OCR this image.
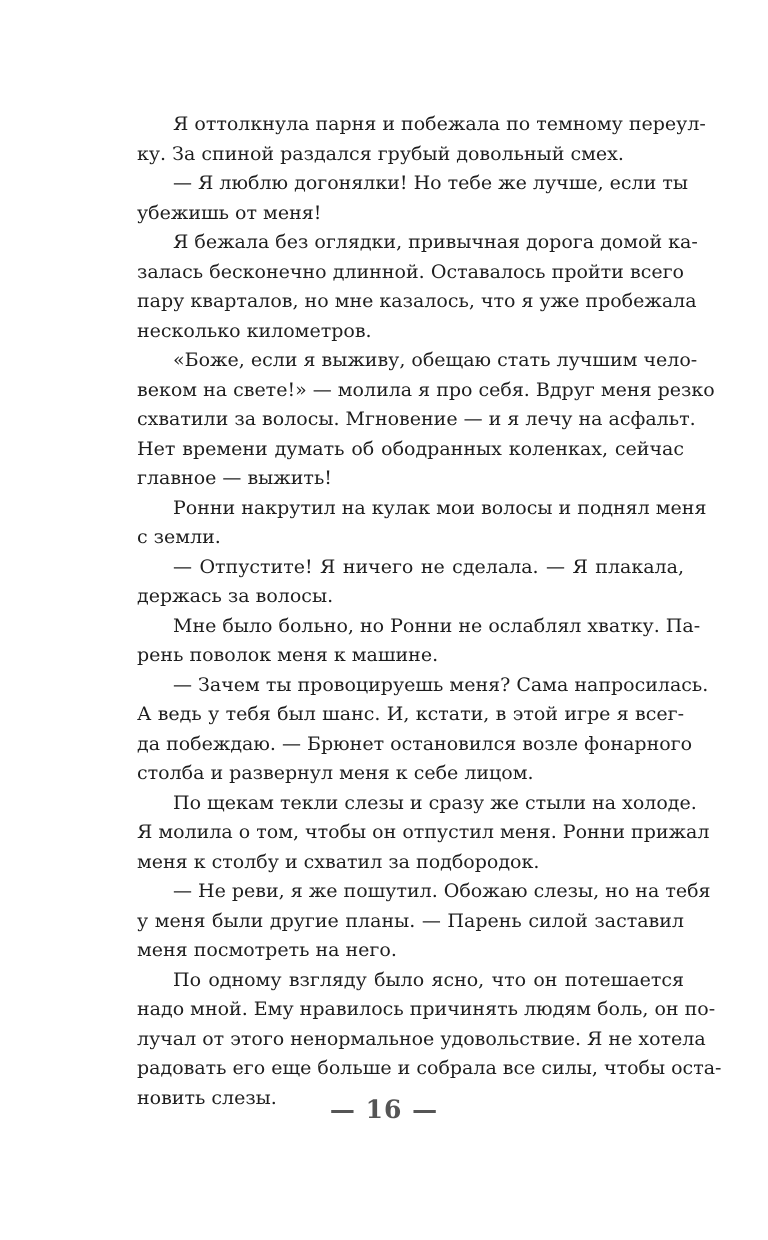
Я оттолкнула парня и побежала по темному переул-
ку. За спиной раздался грубый довольный смех.

— Я люблю догонялки! Но тебе же лучше, если ты
убежишь от меня!

Я бежала без оглядки, привычная дорога домой ка-
залась бесконечно длинной. Оставалось пройти всего
пару кварталов, но мне казалось, что я уже пробежала
несколько километров.

«Боже, если я выживу, обещаю стать лучшим чело-
веком на свете!» — молила я про себя. Вдруг меня резко
схватили за волосы. Мгновение — и я лечу на асфальт.
Нет времени думать об ободранных коленках, сейчас
главное — выжить!

Ронни накрутил на кулак мои волосы и поднял меня
с земли.

— Отпустите! Я ничего не сделала. — Я плакала,
держась за волосы.

Мне было больно, но Ронни не ослаблял хватку. Па-
рень поволок меня к машине.

— Зачем ты провоцируешь меня? Сама напросилась.
А ведь у тебя был шанс. И, кстати, в этой игре я всег-
да побеждаю. — Брюнет остановился возле фонарного
столба и развернул меня к себе лицом.

По щекам текли слезы и сразу же стыли на холоде.
Я молила о том, чтобы он отпустил меня. Ронни прижал
меня к столбу и схватил за подбородок.

— Не реви, я же пошутил. Обожаю слезы, но на тебя
у меня были другие планы. — Парень силой заставил
меня посмотреть на него.

По одному взгляду было ясно, что он потешается
надо мной. Ему нравилось причинять людям боль, он по-
лучал от этого ненормальное удовольствие. Я не хотела
радовать его еще больше и собрала все силы, чтобы оста-
новить слезы.	— 16 —
